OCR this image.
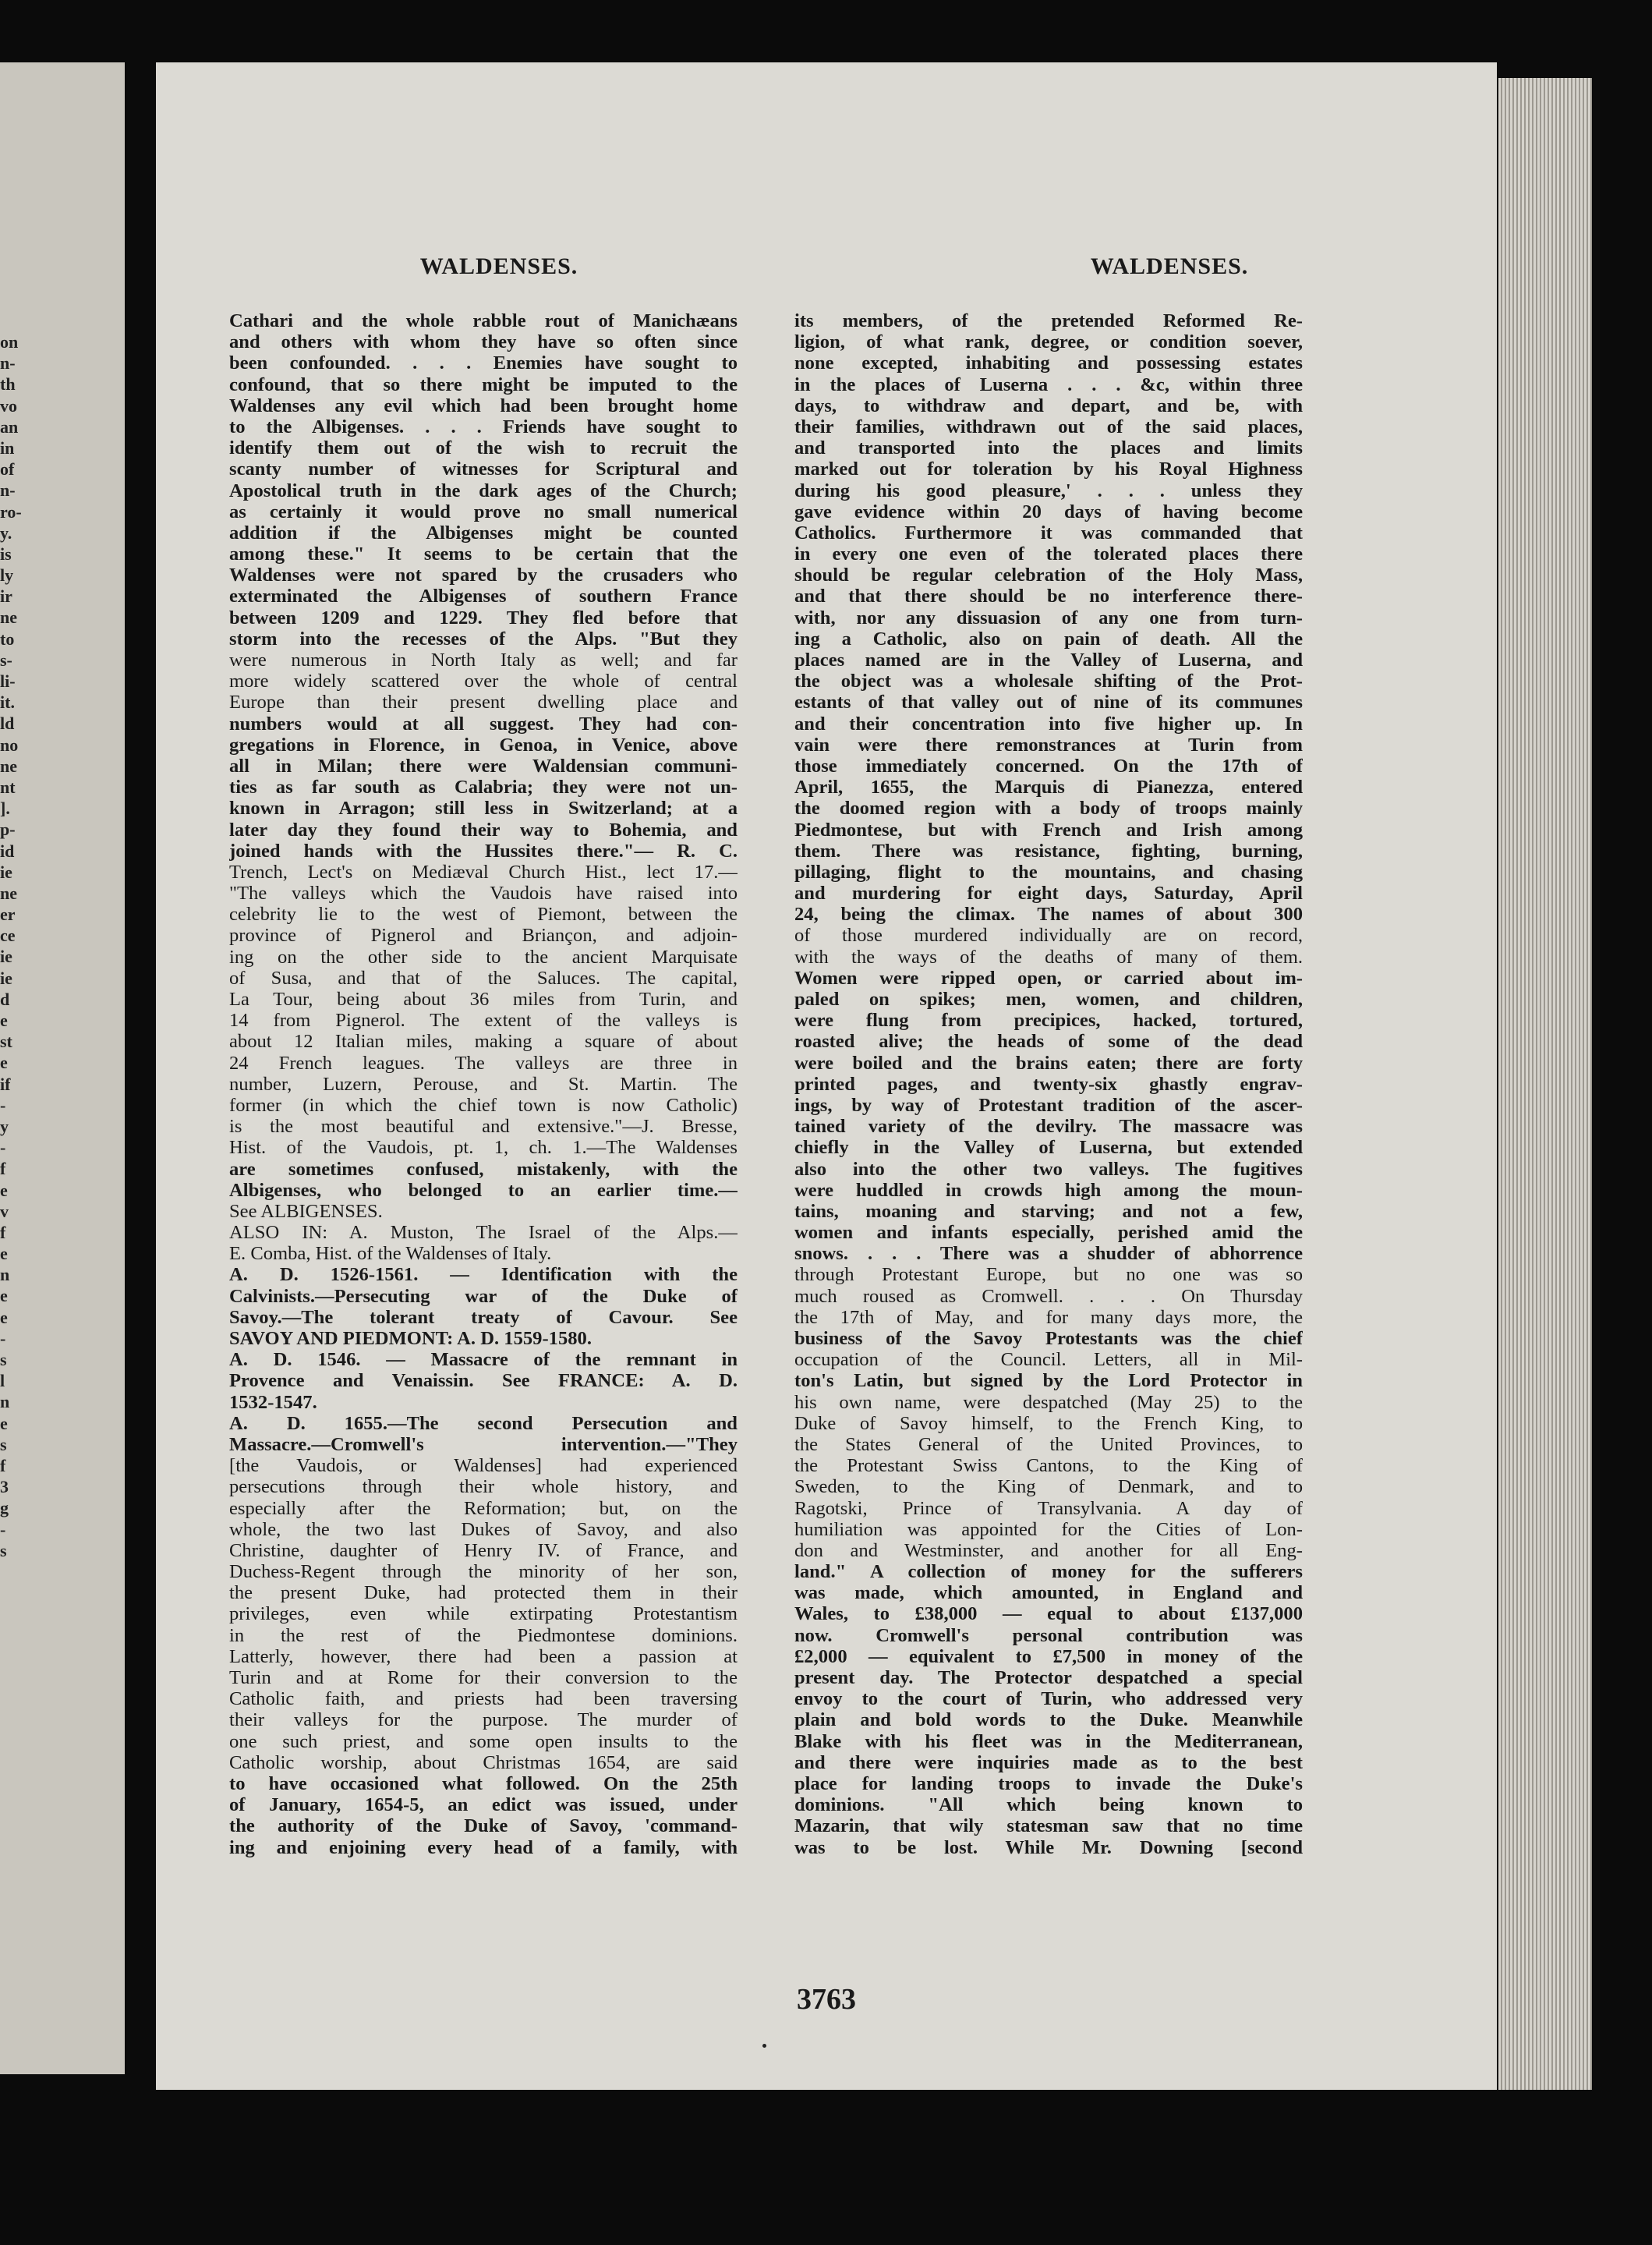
on
n-
th
vo
an
in
of
n-
ro-
y.
is
ly
ir
ne
to
s-
li-
it.
ld
no
ne
nt
].
p-
id
ie
ne
er
ce
ie
ie
d
e
st
e
if
-
y
-
f
e
v
f
e
n
e
e
-
s
l
n
e
s
f
3
g
-
s
WALDENSES.	WALDENSES.
Cathari and the whole rabble rout of Manichæans
and others with whom they have so often since
been confounded. . . . Enemies have sought to
confound, that so there might be imputed to the
Waldenses any evil which had been brought home
to the Albigenses. . . . Friends have sought to
identify them out of the wish to recruit the
scanty number of witnesses for Scriptural and
Apostolical truth in the dark ages of the Church;
as certainly it would prove no small numerical
addition if the Albigenses might be counted
among these." It seems to be certain that the
Waldenses were not spared by the crusaders who
exterminated the Albigenses of southern France
between 1209 and 1229. They fled before that
storm into the recesses of the Alps. "But they
were numerous in North Italy as well; and far
more widely scattered over the whole of central
Europe than their present dwelling place and
numbers would at all suggest. They had con-
gregations in Florence, in Genoa, in Venice, above
all in Milan; there were Waldensian communi-
ties as far south as Calabria; they were not un-
known in Arragon; still less in Switzerland; at a
later day they found their way to Bohemia, and
joined hands with the Hussites there."— R. C.
Trench, Lect's on Mediæval Church Hist., lect 17.—
"The valleys which the Vaudois have raised into
celebrity lie to the west of Piemont, between the
province of Pignerol and Briançon, and adjoin-
ing on the other side to the ancient Marquisate
of Susa, and that of the Saluces. The capital,
La Tour, being about 36 miles from Turin, and
14 from Pignerol. The extent of the valleys is
about 12 Italian miles, making a square of about
24 French leagues. The valleys are three in
number, Luzern, Perouse, and St. Martin. The
former (in which the chief town is now Catholic)
is the most beautiful and extensive."—J. Bresse,
Hist. of the Vaudois, pt. 1, ch. 1.—The Waldenses
are sometimes confused, mistakenly, with the
Albigenses, who belonged to an earlier time.—
See ALBIGENSES.
ALSO IN: A. Muston, The Israel of the Alps.—
E. Comba, Hist. of the Waldenses of Italy.
A. D. 1526-1561. — Identification with the
Calvinists.—Persecuting war of the Duke of
Savoy.—The tolerant treaty of Cavour. See
SAVOY AND PIEDMONT: A. D. 1559-1580.
A. D. 1546. — Massacre of the remnant in
Provence and Venaissin. See FRANCE: A. D.
1532-1547.
A. D. 1655.—The second Persecution and
Massacre.—Cromwell's intervention.—"They
[the Vaudois, or Waldenses] had experienced
persecutions through their whole history, and
especially after the Reformation; but, on the
whole, the two last Dukes of Savoy, and also
Christine, daughter of Henry IV. of France, and
Duchess-Regent through the minority of her son,
the present Duke, had protected them in their
privileges, even while extirpating Protestantism
in the rest of the Piedmontese dominions.
Latterly, however, there had been a passion at
Turin and at Rome for their conversion to the
Catholic faith, and priests had been traversing
their valleys for the purpose. The murder of
one such priest, and some open insults to the
Catholic worship, about Christmas 1654, are said
to have occasioned what followed. On the 25th
of January, 1654-5, an edict was issued, under
the authority of the Duke of Savoy, 'command-
ing and enjoining every head of a family, with
its members, of the pretended Reformed Re-
ligion, of what rank, degree, or condition soever,
none excepted, inhabiting and possessing estates
in the places of Luserna . . . &c, within three
days, to withdraw and depart, and be, with
their families, withdrawn out of the said places,
and transported into the places and limits
marked out for toleration by his Royal Highness
during his good pleasure,' . . . unless they
gave evidence within 20 days of having become
Catholics. Furthermore it was commanded that
in every one even of the tolerated places there
should be regular celebration of the Holy Mass,
and that there should be no interference there-
with, nor any dissuasion of any one from turn-
ing a Catholic, also on pain of death. All the
places named are in the Valley of Luserna, and
the object was a wholesale shifting of the Prot-
estants of that valley out of nine of its communes
and their concentration into five higher up. In
vain were there remonstrances at Turin from
those immediately concerned. On the 17th of
April, 1655, the Marquis di Pianezza, entered
the doomed region with a body of troops mainly
Piedmontese, but with French and Irish among
them. There was resistance, fighting, burning,
pillaging, flight to the mountains, and chasing
and murdering for eight days, Saturday, April
24, being the climax. The names of about 300
of those murdered individually are on record,
with the ways of the deaths of many of them.
Women were ripped open, or carried about im-
paled on spikes; men, women, and children,
were flung from precipices, hacked, tortured,
roasted alive; the heads of some of the dead
were boiled and the brains eaten; there are forty
printed pages, and twenty-six ghastly engrav-
ings, by way of Protestant tradition of the ascer-
tained variety of the devilry. The massacre was
chiefly in the Valley of Luserna, but extended
also into the other two valleys. The fugitives
were huddled in crowds high among the moun-
tains, moaning and starving; and not a few,
women and infants especially, perished amid the
snows. . . . There was a shudder of abhorrence
through Protestant Europe, but no one was so
much roused as Cromwell. . . . On Thursday
the 17th of May, and for many days more, the
business of the Savoy Protestants was the chief
occupation of the Council. Letters, all in Mil-
ton's Latin, but signed by the Lord Protector in
his own name, were despatched (May 25) to the
Duke of Savoy himself, to the French King, to
the States General of the United Provinces, to
the Protestant Swiss Cantons, to the King of
Sweden, to the King of Denmark, and to
Ragotski, Prince of Transylvania. A day of
humiliation was appointed for the Cities of Lon-
don and Westminster, and another for all Eng-
land." A collection of money for the sufferers
was made, which amounted, in England and
Wales, to £38,000 — equal to about £137,000
now. Cromwell's personal contribution was
£2,000 — equivalent to £7,500 in money of the
present day. The Protector despatched a special
envoy to the court of Turin, who addressed very
plain and bold words to the Duke. Meanwhile
Blake with his fleet was in the Mediterranean,
and there were inquiries made as to the best
place for landing troops to invade the Duke's
dominions. "All which being known to
Mazarin, that wily statesman saw that no time
was to be lost. While Mr. Downing [second
3763
